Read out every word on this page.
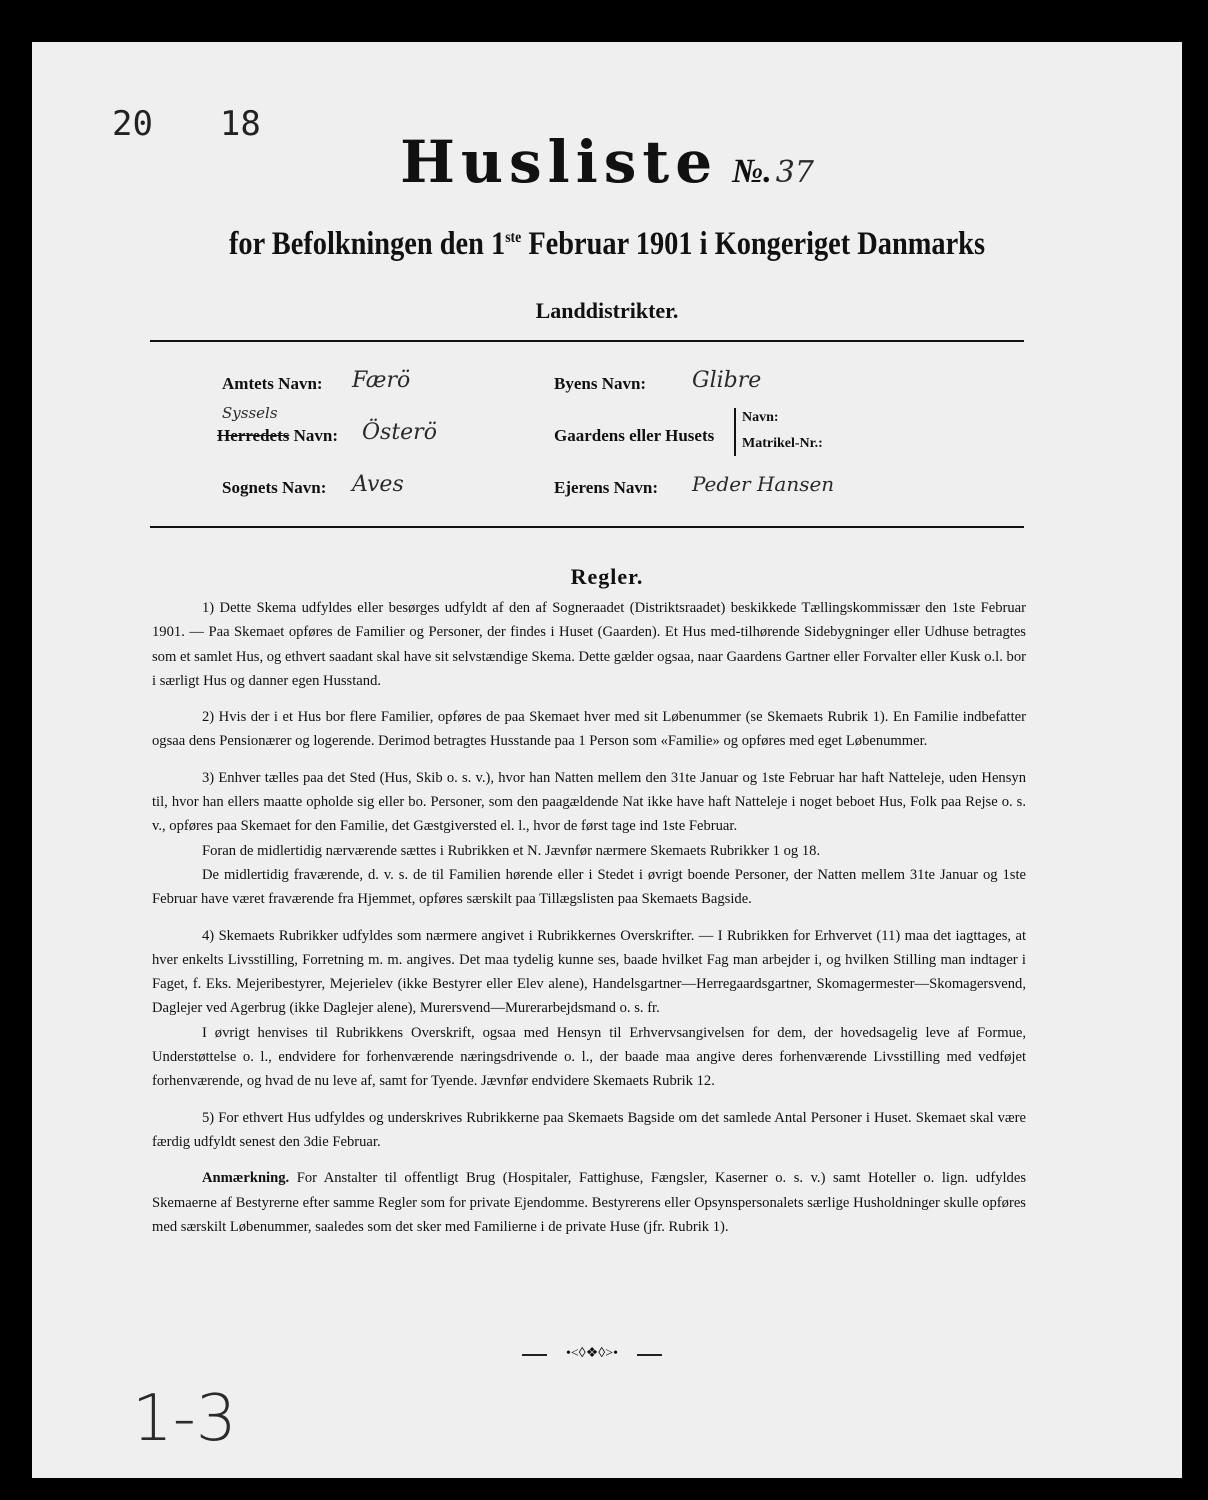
20 18
Husliste №. 37
for Befolkningen den 1ste Februar 1901 i Kongeriget Danmarks
Landdistrikter.
Amtets Navn: Færö
Syssels
Herredets Navn: Österö
Sognets Navn: Aves
Byens Navn: Glibre
Gaardens eller Husets
Navn:
Matrikel-Nr.:
Ejerens Navn: Peder Hansen
Regler.

1) Dette Skema udfyldes eller besørges udfyldt af den af Sogneraadet (Distriktsraadet) beskikkede Tællingskommissær den 1ste Februar 1901. — Paa Skemaet opføres de Familier og Personer, der findes i Huset (Gaarden). Et Hus med-tilhørende Sidebygninger eller Udhuse betragtes som et samlet Hus, og ethvert saadant skal have sit selvstændige Skema. Dette gælder ogsaa, naar Gaardens Gartner eller Forvalter eller Kusk o.l. bor i særligt Hus og danner egen Husstand.

2) Hvis der i et Hus bor flere Familier, opføres de paa Skemaet hver med sit Løbenummer (se Skemaets Rubrik 1). En Familie indbefatter ogsaa dens Pensionærer og logerende. Derimod betragtes Husstande paa 1 Person som «Familie» og opføres med eget Løbenummer.

3) Enhver tælles paa det Sted (Hus, Skib o. s. v.), hvor han Natten mellem den 31te Januar og 1ste Februar har haft Natteleje, uden Hensyn til, hvor han ellers maatte opholde sig eller bo. Personer, som den paagældende Nat ikke have haft Natteleje i noget beboet Hus, Folk paa Rejse o. s. v., opføres paa Skemaet for den Familie, det Gæstgiversted el. l., hvor de først tage ind 1ste Februar.

Foran de midlertidig nærværende sættes i Rubrikken et N. Jævnfør nærmere Skemaets Rubrikker 1 og 18.

De midlertidig fraværende, d. v. s. de til Familien hørende eller i Stedet i øvrigt boende Personer, der Natten mellem 31te Januar og 1ste Februar have været fraværende fra Hjemmet, opføres særskilt paa Tillægslisten paa Skemaets Bagside.

4) Skemaets Rubrikker udfyldes som nærmere angivet i Rubrikkernes Overskrifter. — I Rubrikken for Erhvervet (11) maa det iagttages, at hver enkelts Livsstilling, Forretning m. m. angives. Det maa tydelig kunne ses, baade hvilket Fag man arbejder i, og hvilken Stilling man indtager i Faget, f. Eks. Mejeribestyrer, Mejerielev (ikke Bestyrer eller Elev alene), Handelsgartner—Herregaardsgartner, Skomagermester—Skomagersvend, Daglejer ved Agerbrug (ikke Daglejer alene), Murersvend—Murerarbejdsmand o. s. fr.

I øvrigt henvises til Rubrikkens Overskrift, ogsaa med Hensyn til Erhvervsangivelsen for dem, der hovedsagelig leve af Formue, Understøttelse o. l., endvidere for forhenværende næringsdrivende o. l., der baade maa angive deres forhenværende Livsstilling med vedføjet forhenværende, og hvad de nu leve af, samt for Tyende. Jævnfør endvidere Skemaets Rubrik 12.

5) For ethvert Hus udfyldes og underskrives Rubrikkerne paa Skemaets Bagside om det samlede Antal Personer i Huset. Skemaet skal være færdig udfyldt senest den 3die Februar.

Anmærkning. For Anstalter til offentligt Brug (Hospitaler, Fattighuse, Fængsler, Kaserner o. s. v.) samt Hoteller o. lign. udfyldes Skemaerne af Bestyrerne efter samme Regler som for private Ejendomme. Bestyrerens eller Opsynspersonalets særlige Husholdninger skulle opføres med særskilt Løbenummer, saaledes som det sker med Familierne i de private Huse (jfr. Rubrik 1).

•<◊❖◊>•
1-3
